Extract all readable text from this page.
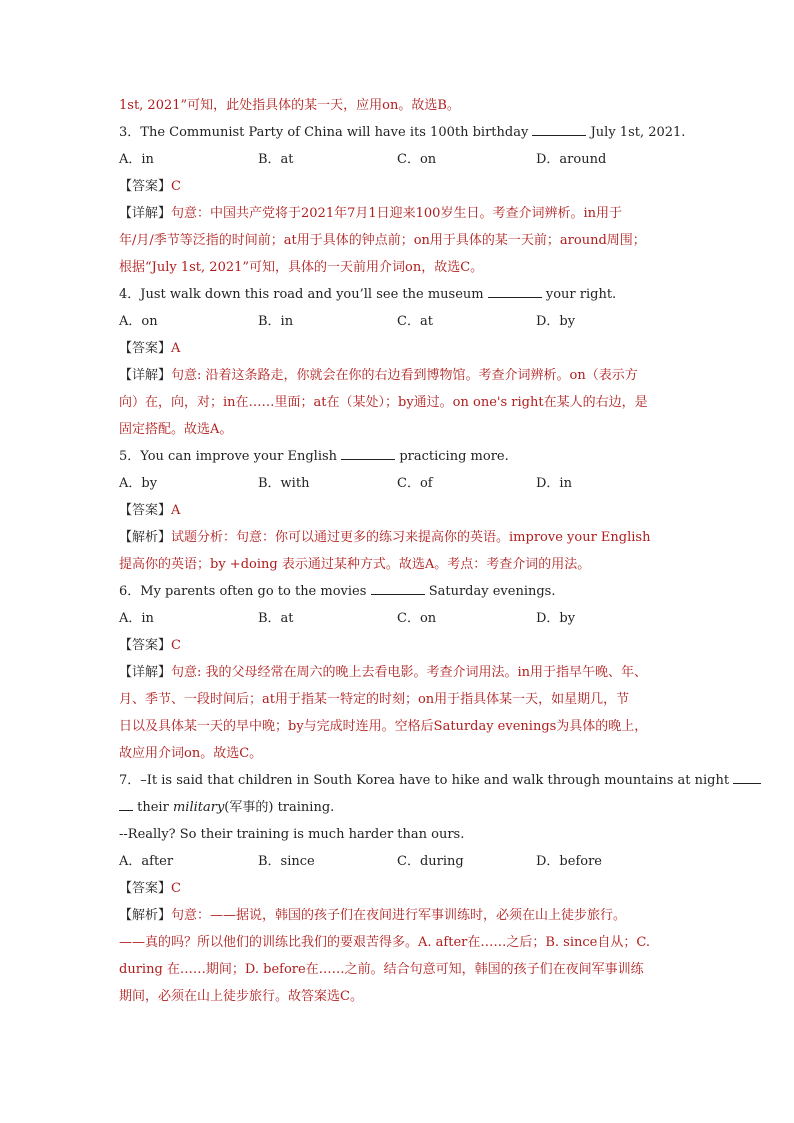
1st, 2021”可知，此处指具体的某一天，应用on。故选B。
3．The Communist Party of China will have its 100th birthday	July 1st, 2021.
A．in	B．at	C．on	D．around
【答案】C
【详解】句意：中国共产党将于2021年7月1日迎来100岁生日。考查介词辨析。in用于
年/月/季节等泛指的时间前；at用于具体的钟点前；on用于具体的某一天前；around周围；
根据“July 1st, 2021”可知，具体的一天前用介词on，故选C。
4．Just walk down this road and you’ll see the museum	your right.
A．on	B．in	C．at	D．by
【答案】A
【详解】句意: 沿着这条路走，你就会在你的右边看到博物馆。考查介词辨析。on（表示方
向）在，向，对；in在……里面；at在（某处）；by通过。on one's right在某人的右边，是
固定搭配。故选A。
5．You can improve your English	practicing more.
A．by	B．with	C．of	D．in
【答案】A
【解析】试题分析：句意：你可以通过更多的练习来提高你的英语。improve your English
提高你的英语；by +doing 表示通过某种方式。故选A。考点：考查介词的用法。
6．My parents often go to the movies	Saturday evenings.
A．in	B．at	C．on	D．by
【答案】C
【详解】句意: 我的父母经常在周六的晚上去看电影。考查介词用法。in用于指早午晚、年、
月、季节、一段时间后；at用于指某一特定的时刻；on用于指具体某一天，如星期几，节
日以及具体某一天的早中晚；by与完成时连用。空格后Saturday evenings为具体的晚上，
故应用介词on。故选C。
7．–It is said that children in South Korea have to hike and walk through mountains at night
their military(军事的) training.
--Really? So their training is much harder than ours.
A．after	B．since	C．during	D．before
【答案】C
【解析】句意：——据说，韩国的孩子们在夜间进行军事训练时，必须在山上徒步旅行。
——真的吗？所以他们的训练比我们的要艰苦得多。A. after在……之后；B. since自从；C.
during 在……期间；D. before在……之前。结合句意可知，韩国的孩子们在夜间军事训练
期间，必须在山上徒步旅行。故答案选C。
